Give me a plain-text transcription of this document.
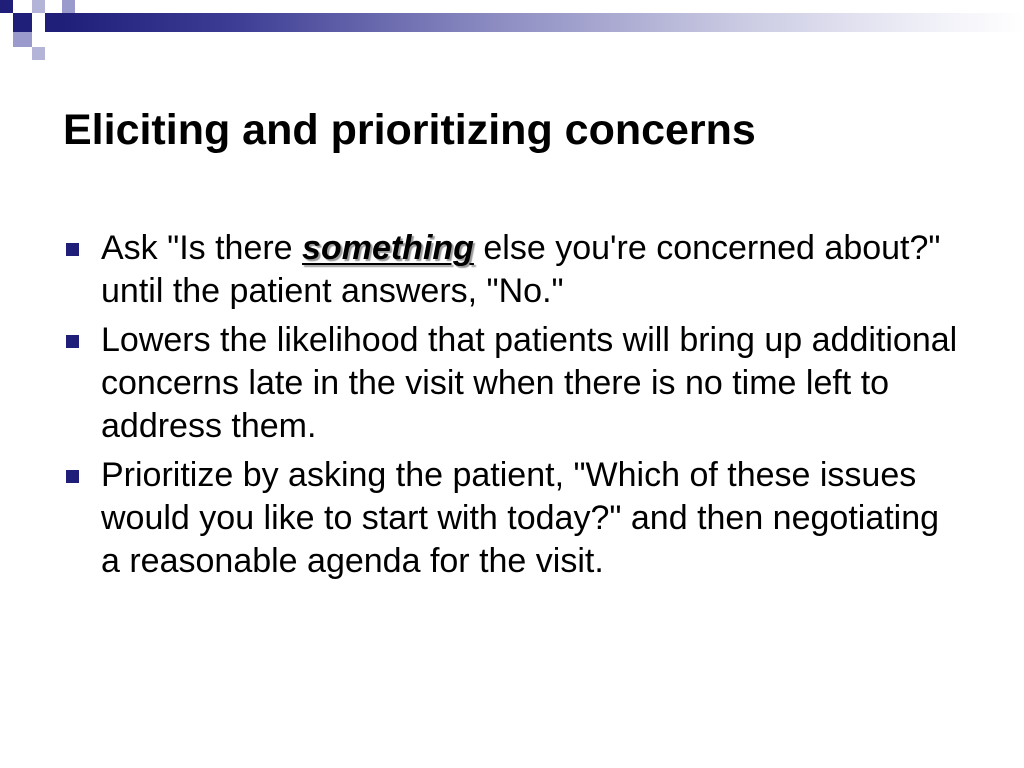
Eliciting and prioritizing concerns
Ask "Is there something else you're concerned about?" until the patient answers, "No."
Lowers the likelihood that patients will bring up additional concerns late in the visit when there is no time left to address them.
Prioritize by asking the patient, "Which of these issues would you like to start with today?" and then negotiating a reasonable agenda for the visit.
